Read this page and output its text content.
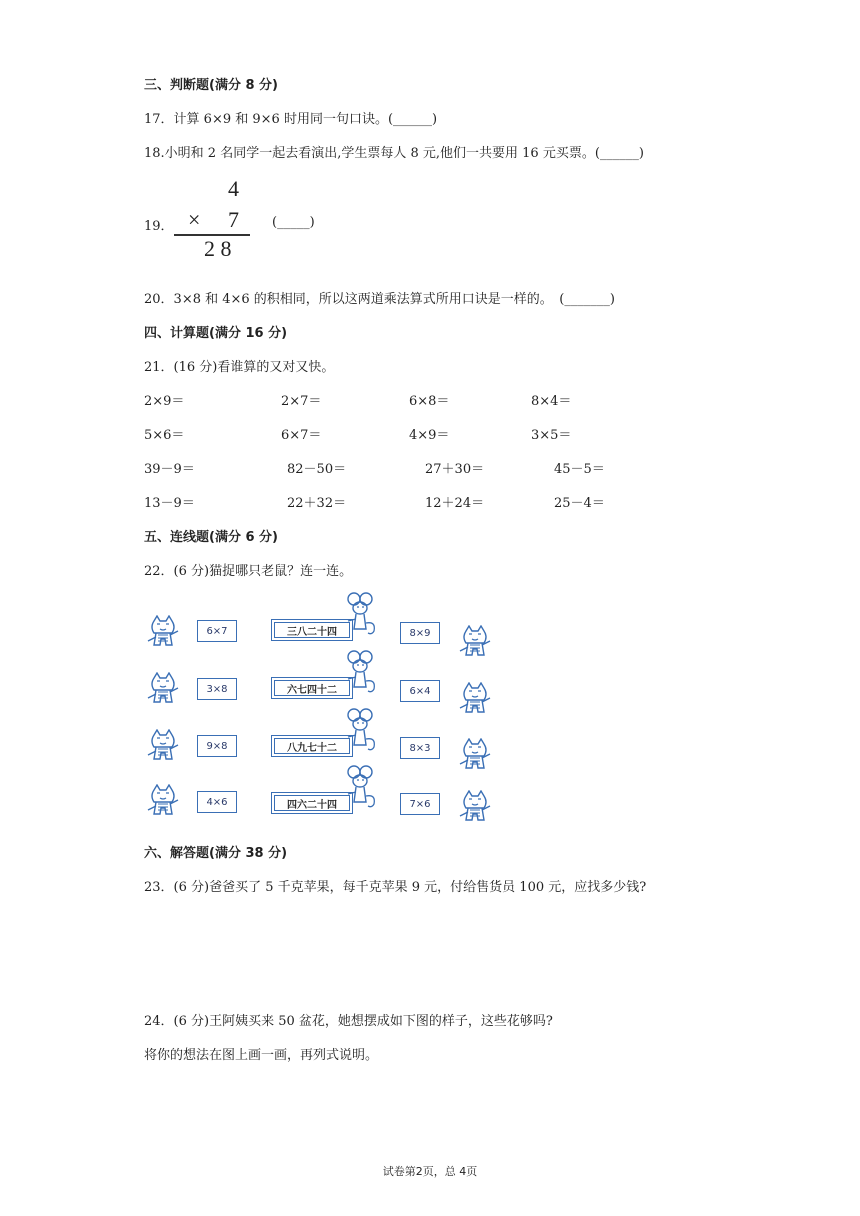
三、判断题(满分 8 分)
17．计算 6×9 和 9×6 时用同一句口诀。(______)
18.小明和 2 名同学一起去看演出,学生票每人 8 元,他们一共要用 16 元买票。(______)
19．
4
× 7
2 8
(_____)
20．3×8 和 4×6 的积相同，所以这两道乘法算式所用口诀是一样的。　(_______)
四、计算题(满分 16 分)
21．(16 分)看谁算的又对又快。
2×9＝	2×7＝	6×8＝	8×4＝
5×6＝	6×7＝	4×9＝	3×5＝
39－9＝	82－50＝	27＋30＝	45－5＝
13－9＝	22＋32＝	12＋24＝	25－4＝
五、连线题(满分 6 分)
22．(6 分)猫捉哪只老鼠？连一连。
6×7	三八二十四	8×9
3×8	六七四十二	6×4
9×8	八九七十二	8×3
4×6	四六二十四	7×6
六、解答题(满分 38 分)
23．(6 分)爸爸买了 5 千克苹果，每千克苹果 9 元，付给售货员 100 元，应找多少钱?
24．(6 分)王阿姨买来 50 盆花，她想摆成如下图的样子，这些花够吗?
将你的想法在图上画一画，再列式说明。
试卷第2页，总 4页
